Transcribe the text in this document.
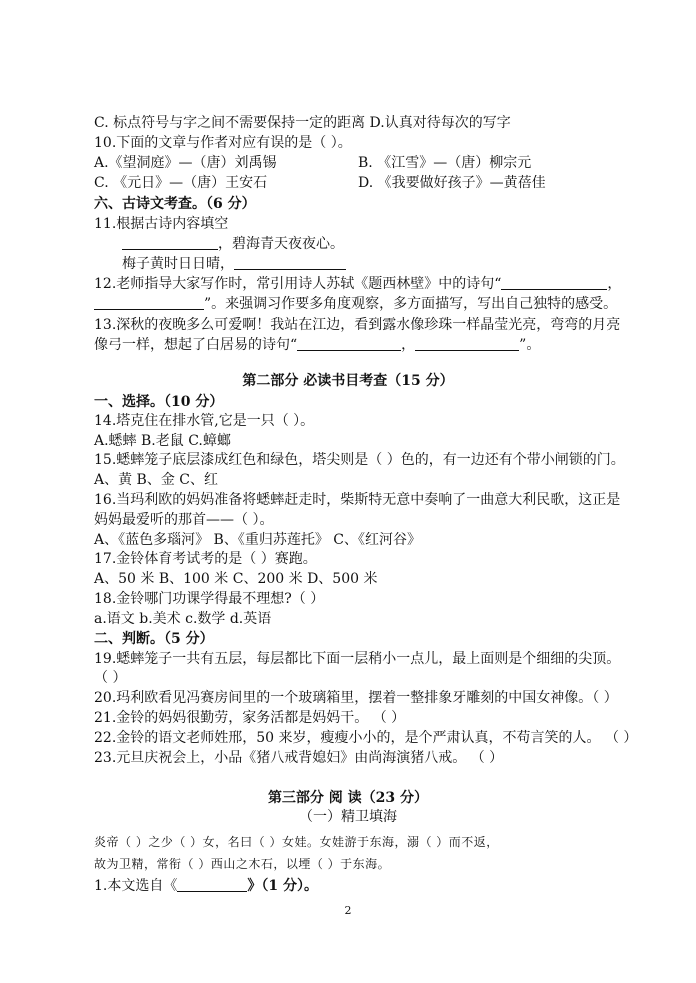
C. 标点符号与字之间不需要保持一定的距离 D.认真对待每次的写字
10.下面的文章与作者对应有误的是（ ）。
A.《望洞庭》—（唐）刘禹锡	B. 《江雪》—（唐）柳宗元
C. 《元日》—（唐）王安石	D. 《我要做好孩子》—黄蓓佳
六、古诗文考查。（6 分）
11.根据古诗内容填空
，碧海青天夜夜心。
梅子黄时日日晴，
12.老师指导大家写作时，常引用诗人苏轼《题西林壁》中的诗句“	，
”。来强调习作要多角度观察，多方面描写，写出自己独特的感受。
13.深秋的夜晚多么可爱啊！我站在江边，看到露水像珍珠一样晶莹光亮，弯弯的月亮
像弓一样，想起了白居易的诗句“	，	”。
第二部分 必读书目考查（15 分）
一、选择。（10 分）
14.塔克住在排水管,它是一只（ ）。
A.蟋蟀 B.老鼠 C.蟑螂
15.蟋蟀笼子底层漆成红色和绿色，塔尖则是（ ）色的，有一边还有个带小闸锁的门。
A、黄 B、金 C、红
16.当玛利欧的妈妈准备将蟋蟀赶走时，柴斯特无意中奏响了一曲意大利民歌，这正是
妈妈最爱听的那首——（ ）。
A、《蓝色多瑙河》 B、《重归苏莲托》 C、《红河谷》
17.金铃体育考试考的是（ ）赛跑。
A、50 米 B、100 米 C、200 米 D、500 米
18.金铃哪门功课学得最不理想?（ ）
a.语文 b.美术 c.数学 d.英语
二、判断。（5 分）
19.蟋蟀笼子一共有五层，每层都比下面一层稍小一点儿，最上面则是个细细的尖顶。
（ ）
20.玛利欧看见冯赛房间里的一个玻璃箱里，摆着一整排象牙雕刻的中国女神像。（ ）
21.金铃的妈妈很勤劳，家务活都是妈妈干。 （ ）
22.金铃的语文老师姓邢，50 来岁，瘦瘦小小的，是个严肃认真，不苟言笑的人。 （ ）
23.元旦庆祝会上，小品《猪八戒背媳妇》由尚海演猪八戒。 （ ）
第三部分 阅 读（23 分）
（一）精卫填海
炎帝（ ）之少（ ）女，名曰（ ）女娃。女娃游于东海，溺（ ）而不返，
故为卫精，常衔（ ）西山之木石，以堙（ ）于东海。
1.本文选自《	》（1 分）。
2
